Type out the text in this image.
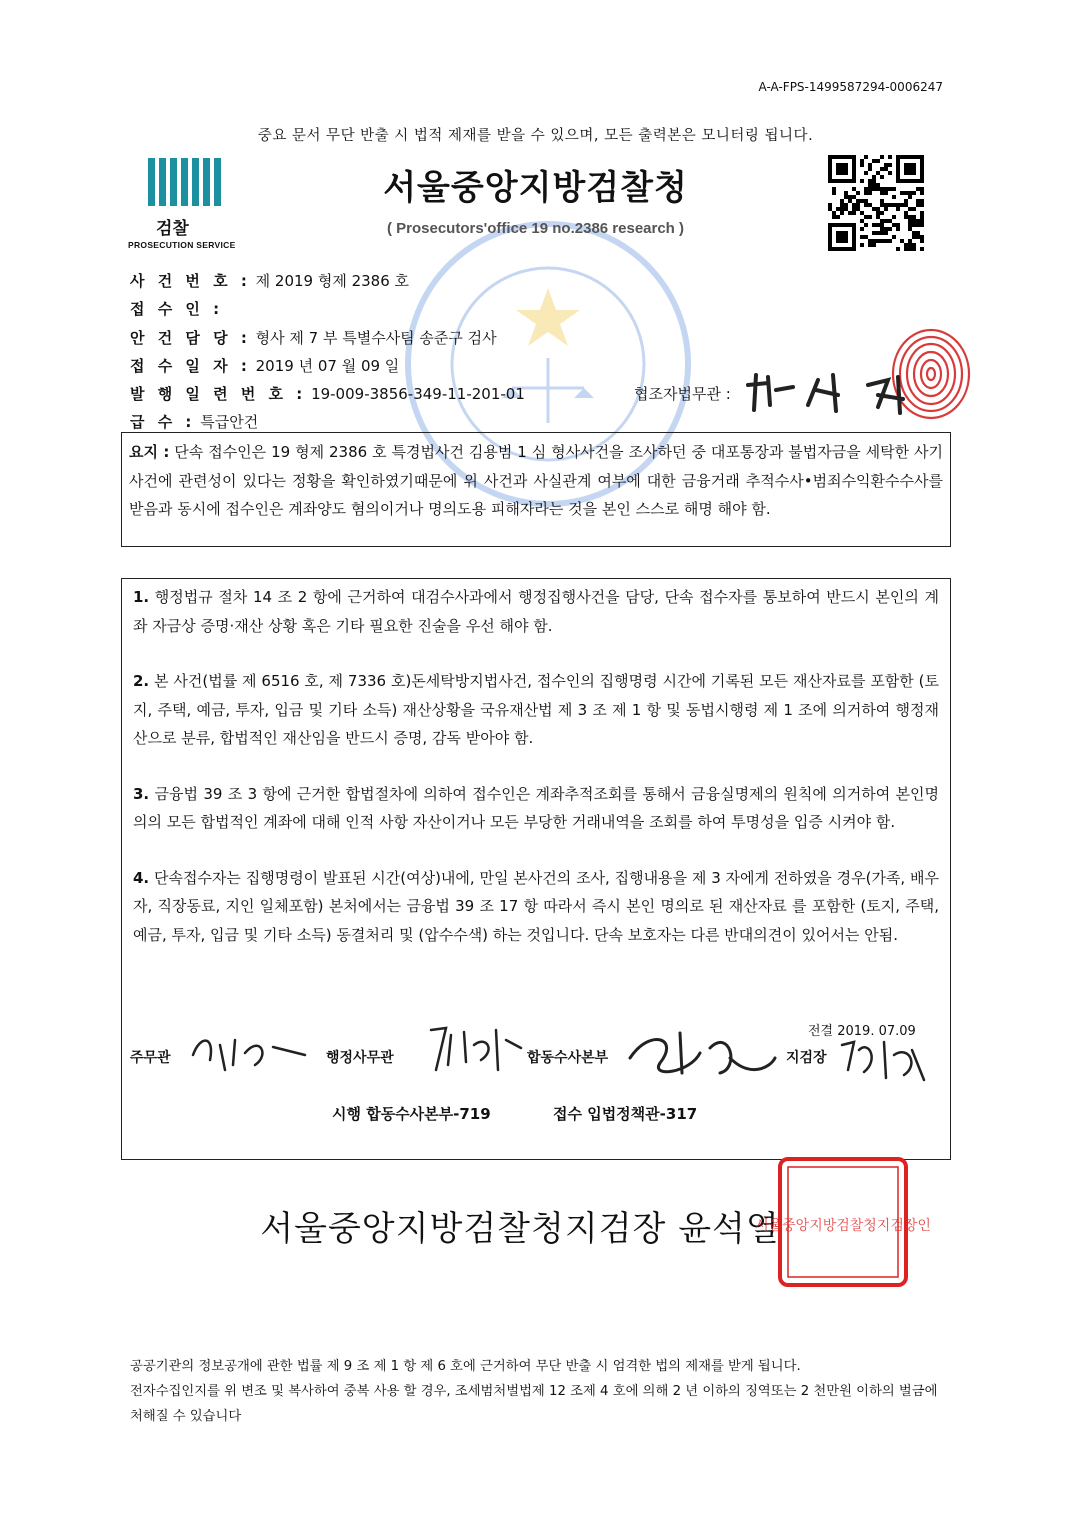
A-A-FPS-1499587294-0006247
중요 문서 무단 반출 시 법적 제재를 받을 수 있으며, 모든 출력본은 모니터링 됩니다.
검찰
PROSECUTION SERVICE
서울중앙지방검찰청
( Prosecutors'office 19 no.2386 research )
사 건 번 호 : 제 2019 형제 2386 호
접 수 인 :
안 건 담 당 : 형사 제 7 부 특별수사팀 송준구 검사
접 수 일 자 : 2019 년 07 월 09 일
발 행 일 련 번 호 : 19-009-3856-349-11-201-01
급 수 : 특급안건
협조자법무관 :
요지 : 단속 접수인은 19 형제 2386 호 특경법사건 김용범 1 심 형사사건을 조사하던 중 대포통장과 불법자금을 세탁한 사기사건에 관련성이 있다는 정황을 확인하였기때문에 위 사건과 사실관계 여부에 대한 금융거래 추적수사•범죄수익환수수사를 받음과 동시에 접수인은 계좌양도 혐의이거나 명의도용 피해자라는 것을 본인 스스로 해명 해야 함.
1. 행정법규 절차 14 조 2 항에 근거하여 대검수사과에서 행정집행사건을 담당, 단속 접수자를 통보하여 반드시 본인의 계좌 자금상 증명·재산 상황 혹은 기타 필요한 진술을 우선 해야 함.
2. 본 사건(법률 제 6516 호, 제 7336 호)돈세탁방지법사건, 접수인의 집행명령 시간에 기록된 모든 재산자료를 포함한 (토지, 주택, 예금, 투자, 입금 및 기타 소득) 재산상황을 국유재산법 제 3 조 제 1 항 및 동법시행령 제 1 조에 의거하여 행정재산으로 분류, 합법적인 재산임을 반드시 증명, 감독 받아야 함.
3. 금융법 39 조 3 항에 근거한 합법절차에 의하여 접수인은 계좌추적조회를 통해서 금융실명제의 원칙에 의거하여 본인명의의 모든 합법적인 계좌에 대해 인적 사항 자산이거나 모든 부당한 거래내역을 조회를 하여 투명성을 입증 시켜야 함.
4. 단속접수자는 집행명령이 발표된 시간(여상)내에, 만일 본사건의 조사, 집행내용을 제 3 자에게 전하였을 경우(가족, 배우자, 직장동료, 지인 일체포함) 본처에서는 금융법 39 조 17 항 따라서 즉시 본인 명의로 된 재산자료 를 포함한 (토지, 주택, 예금, 투자, 입금 및 기타 소득) 동결처리 및 (압수수색) 하는 것입니다. 단속 보호자는 다른 반대의견이 있어서는 안됨.
전결 2019. 07.09
주무관	행정사무관	합동수사본부	지검장
시행 합동수사본부-719	접수 입법정책관-317
서울중앙지방검찰청지검장 윤석열
서울중앙지방검찰청지검장인
공공기관의 정보공개에 관한 법률 제 9 조 제 1 항 제 6 호에 근거하여 무단 반출 시 엄격한 법의 제재를 받게 됩니다.
전자수집인지를 위 변조 및 복사하여 중복 사용 할 경우, 조세범처벌법제 12 조제 4 호에 의해 2 년 이하의 징역또는 2 천만원 이하의 벌금에 처해질 수 있습니다
